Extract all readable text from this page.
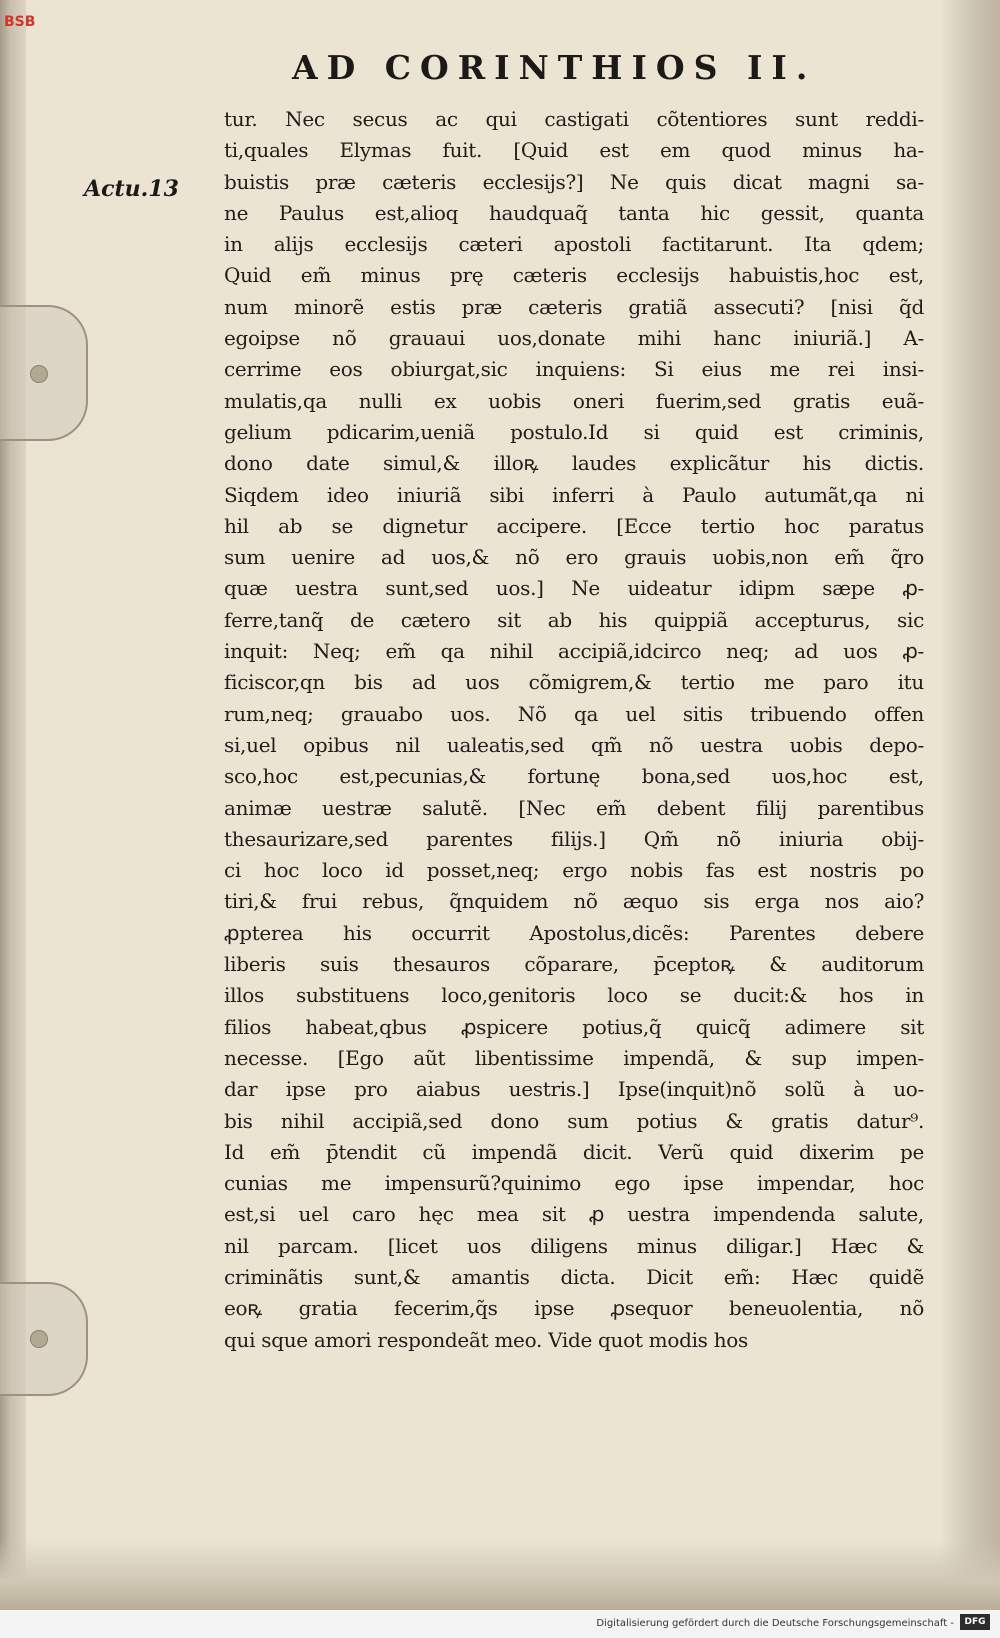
BSB
AD CORINTHIOS II.
Actu.13
tur. Nec secus ac qui castigati cõtentiores sunt reddi-
ti,quales Elymas fuit. [Quid est em quod minus ha-
buistis præ cæteris ecclesijs?] Ne quis dicat magni sa-
ne Paulus est,alioq haudquaq̃ tanta hic gessit, quanta
in alijs ecclesijs cæteri apostoli factitarunt. Ita qdem;
Quid em̃ minus prę cæteris ecclesijs habuistis,hoc est,
num minorẽ estis præ cæteris gratiã assecuti? [nisi q̃d
egoipse nõ grauaui uos,donate mihi hanc iniuriã.] A-
cerrime eos obiurgat,sic inquiens: Si eius me rei insi-
mulatis,qa nulli ex uobis oneri fuerim,sed gratis euã-
gelium pdicarim,ueniã postulo.Id si quid est criminis,
dono date simul,& illoꝶ laudes explicãtur his dictis.
Siqdem ideo iniuriã sibi inferri à Paulo autumãt,qa ni
hil ab se dignetur accipere. [Ecce tertio hoc paratus
sum uenire ad uos,& nõ ero grauis uobis,non em̃ q̃ro
quæ uestra sunt,sed uos.] Ne uideatur idipm sæpe ꝓ-
ferre,tanq̃ de cætero sit ab his quippiã accepturus, sic
inquit: Neq; em̃ qa nihil accipiã,idcirco neq; ad uos ꝓ-
ficiscor,qn bis ad uos cõmigrem,& tertio me paro itu
rum,neq; grauabo uos. Nõ qa uel sitis tribuendo offen
si,uel opibus nil ualeatis,sed qm̃ nõ uestra uobis depo-
sco,hoc est,pecunias,& fortunę bona,sed uos,hoc est,
animæ uestræ salutẽ. [Nec em̃ debent filij parentibus
thesaurizare,sed parentes filijs.] Qm̃ nõ iniuria obij-
ci hoc loco id posset,neq; ergo nobis fas est nostris po
tiri,& frui rebus, q̃nquidem nõ æquo sis erga nos aio?
ꝓpterea his occurrit Apostolus,dicẽs: Parentes debere
liberis suis thesauros cõparare, p̄ceptoꝶ & auditorum
illos substituens loco,genitoris loco se ducit:& hos in
filios habeat,qbus ꝓspicere potius,q̃ quicq̃ adimere sit
necesse. [Ego aũt libentissime impendã, & sup impen-
dar ipse pro aiabus uestris.] Ipse(inquit)nõ solũ à uo-
bis nihil accipiã,sed dono sum potius & gratis datur⁹.
Id em̃ p̄tendit cũ impendã dicit. Verũ quid dixerim pe
cunias me impensurũ?quinimo ego ipse impendar, hoc
est,si uel caro hęc mea sit ꝓ uestra impendenda salute,
nil parcam. [licet uos diligens minus diligar.] Hæc &
criminãtis sunt,& amantis dicta. Dicit em̃: Hæc quidẽ
eoꝶ gratia fecerim,q̃s ipse ꝓsequor beneuolentia, nõ
qui sque amori respondeãt meo. Vide quot modis hos
Digitalisierung gefördert durch die Deutsche Forschungsgemeinschaft -	DFG
